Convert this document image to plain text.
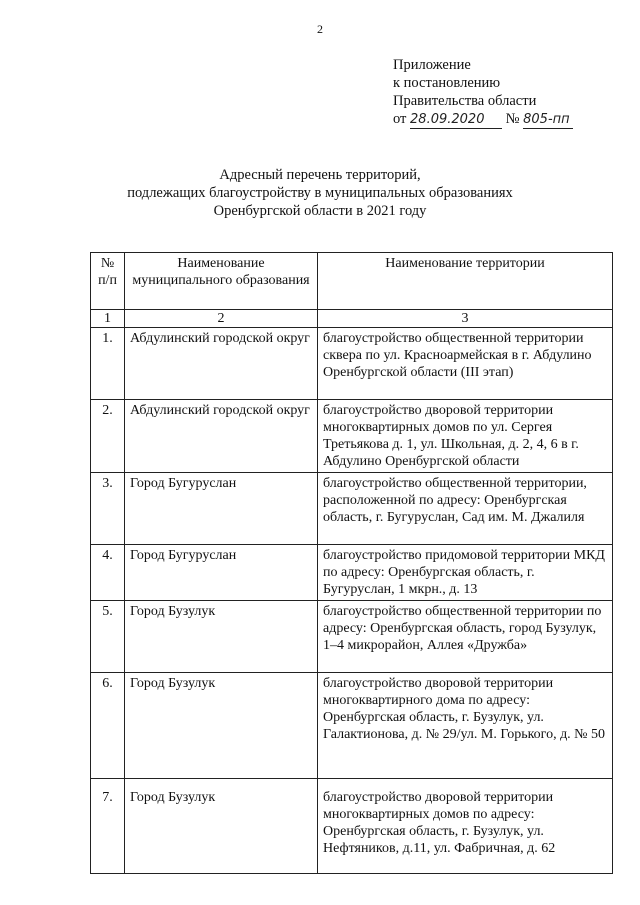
2
Приложение
к постановлению
Правительства области
от 28.09.2020 № 805-пп
Адресный перечень территорий,
подлежащих благоустройству в муниципальных образованиях
Оренбургской области в 2021 году
№ п/п	Наименование муниципального образования	Наименование территории
1	2	3
1.	Абдулинский городской округ	благоустройство общественной территории сквера по ул. Красноармейская в г. Абдулино Оренбургской области (III этап)
2.	Абдулинский городской округ	благоустройство дворовой территории многоквартирных домов по ул. Сергея Третьякова д. 1, ул. Школьная, д. 2, 4, 6 в г. Абдулино Оренбургской области
3.	Город Бугуруслан	благоустройство общественной территории, расположенной по адресу: Оренбургская область, г. Бугуруслан, Сад им. М. Джалиля
4.	Город Бугуруслан	благоустройство придомовой территории МКД по адресу: Оренбургская область, г. Бугуруслан, 1 мкрн., д. 13
5.	Город Бузулук	благоустройство общественной территории по адресу: Оренбургская область, город Бузулук, 1–4 микрорайон, Аллея «Дружба»
6.	Город Бузулук	благоустройство дворовой территории многоквартирного дома по адресу: Оренбургская область, г. Бузулук, ул. Галактионова, д. № 29/ул. М. Горького, д. № 50
7.	Город Бузулук	благоустройство дворовой территории многоквартирных домов по адресу: Оренбургская область, г. Бузулук, ул. Нефтяников, д.11, ул. Фабричная, д. 62
